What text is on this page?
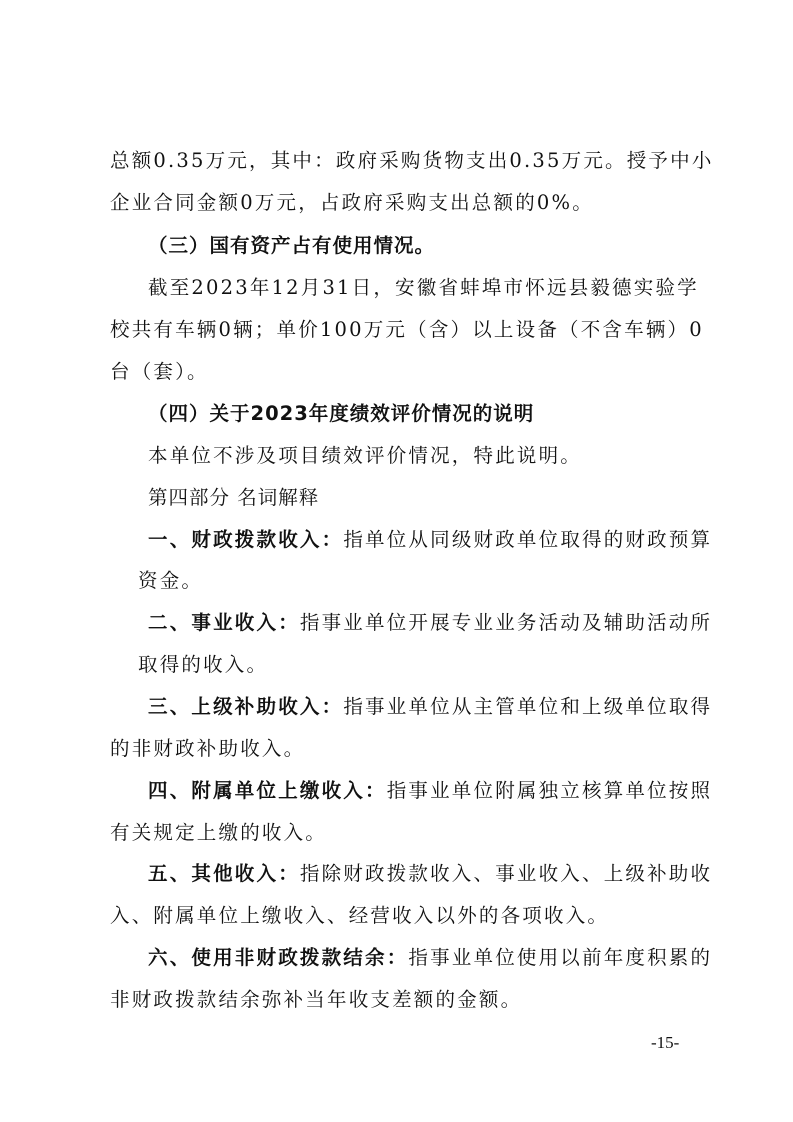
总额0.35万元，其中：政府采购货物支出0.35万元。授予中小
企业合同金额0万元，占政府采购支出总额的0%。
（三）国有资产占有使用情况。
截至2023年12月31日，安徽省蚌埠市怀远县毅德实验学
校共有车辆0辆；单价100万元（含）以上设备（不含车辆）0
台（套）。
（四）关于2023年度绩效评价情况的说明
本单位不涉及项目绩效评价情况，特此说明。
第四部分 名词解释
一、财政拨款收入：指单位从同级财政单位取得的财政预算
资金。
二、事业收入：指事业单位开展专业业务活动及辅助活动所
取得的收入。
三、上级补助收入：指事业单位从主管单位和上级单位取得
的非财政补助收入。
四、附属单位上缴收入：指事业单位附属独立核算单位按照
有关规定上缴的收入。
五、其他收入：指除财政拨款收入、事业收入、上级补助收
入、附属单位上缴收入、经营收入以外的各项收入。
六、使用非财政拨款结余：指事业单位使用以前年度积累的
非财政拨款结余弥补当年收支差额的金额。
-15-
